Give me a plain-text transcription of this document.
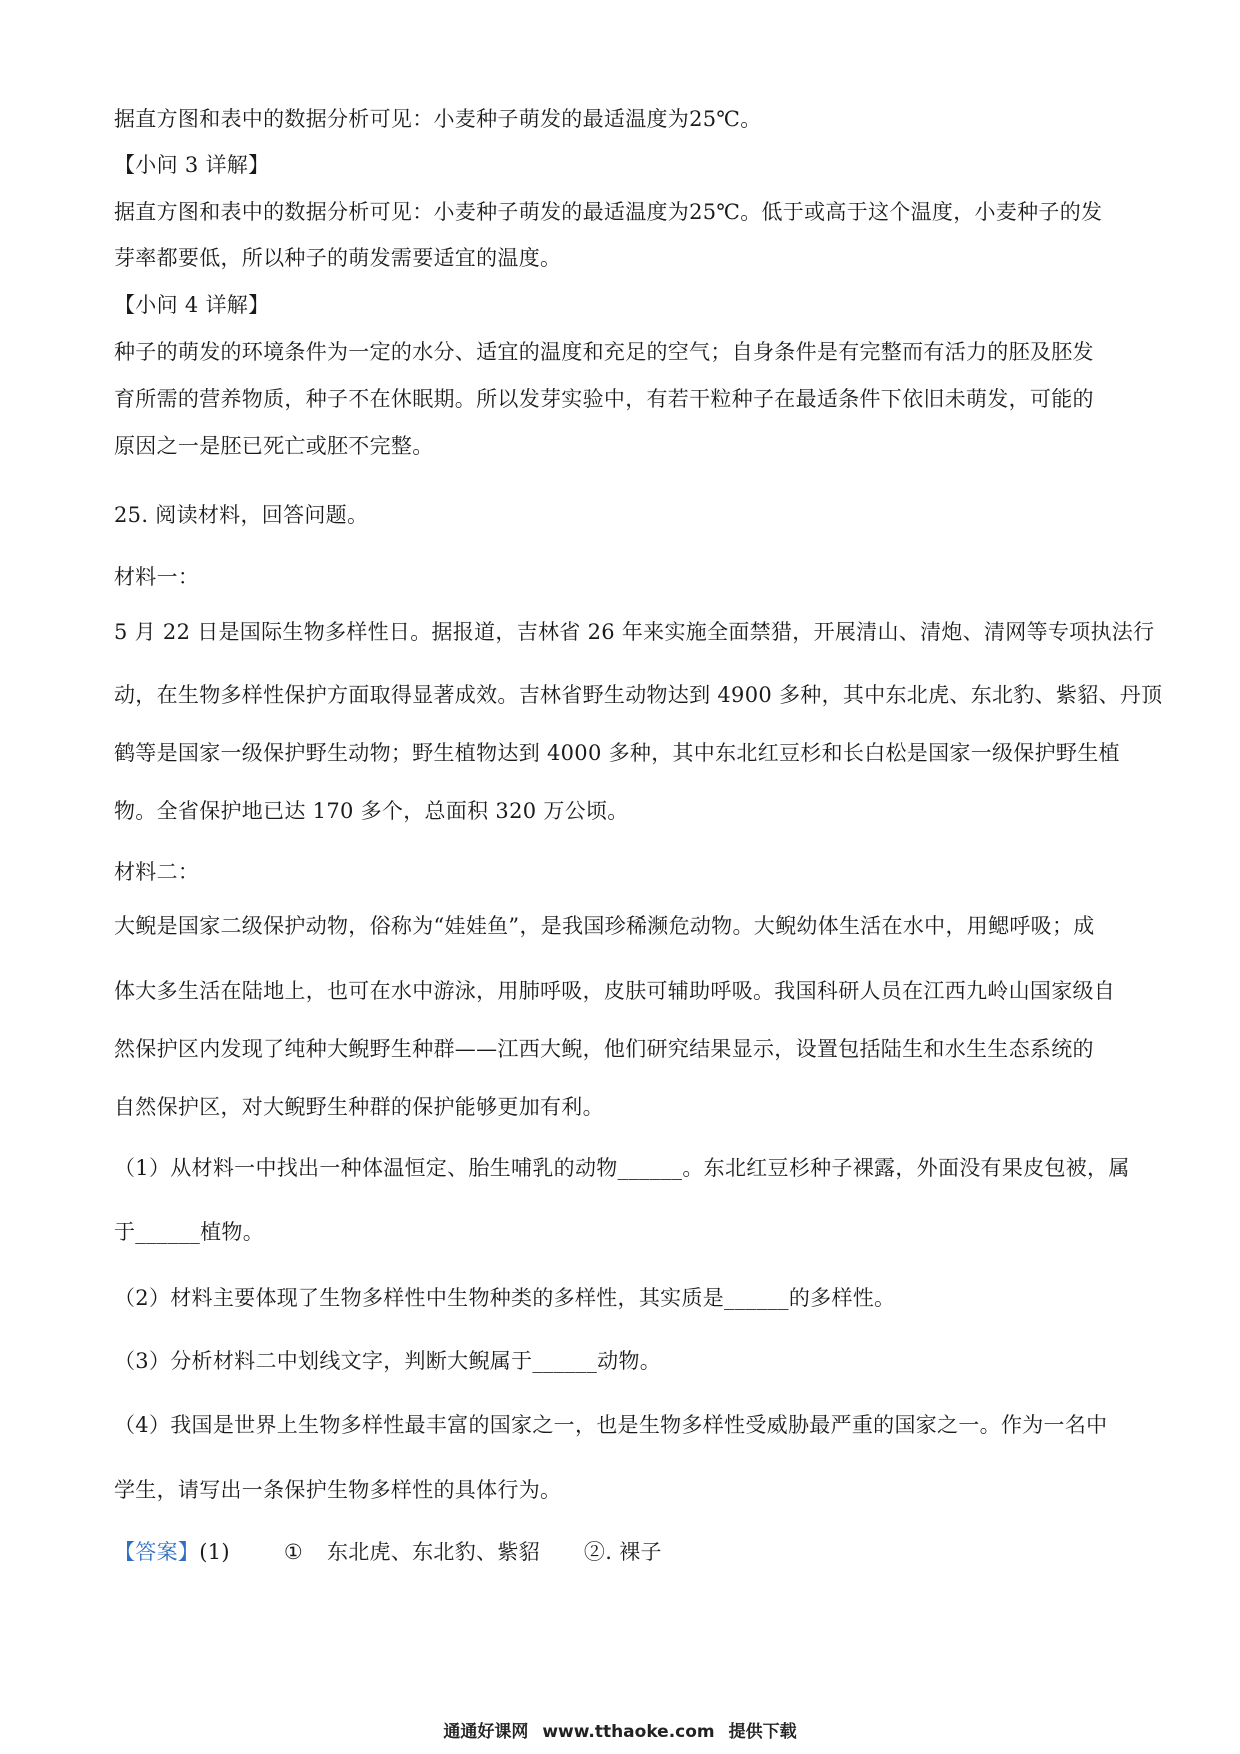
据直方图和表中的数据分析可见：小麦种子萌发的最适温度为25℃。
【小问 3 详解】
据直方图和表中的数据分析可见：小麦种子萌发的最适温度为25℃。低于或高于这个温度，小麦种子的发
芽率都要低，所以种子的萌发需要适宜的温度。
【小问 4 详解】
种子的萌发的环境条件为一定的水分、适宜的温度和充足的空气；自身条件是有完整而有活力的胚及胚发
育所需的营养物质，种子不在休眠期。所以发芽实验中，有若干粒种子在最适条件下依旧未萌发，可能的
原因之一是胚已死亡或胚不完整。
25. 阅读材料，回答问题。
材料一：
5 月 22 日是国际生物多样性日。据报道，吉林省 26 年来实施全面禁猎，开展清山、清炮、清网等专项执法行
动，在生物多样性保护方面取得显著成效。吉林省野生动物达到 4900 多种，其中东北虎、东北豹、紫貂、丹顶
鹤等是国家一级保护野生动物；野生植物达到 4000 多种，其中东北红豆杉和长白松是国家一级保护野生植
物。全省保护地已达 170 多个，总面积 320 万公顷。
材料二：
大鲵是国家二级保护动物，俗称为“娃娃鱼”，是我国珍稀濒危动物。大鲵幼体生活在水中，用鳃呼吸；成
体大多生活在陆地上，也可在水中游泳，用肺呼吸，皮肤可辅助呼吸。我国科研人员在江西九岭山国家级自
然保护区内发现了纯种大鲵野生种群——江西大鲵，他们研究结果显示，设置包括陆生和水生生态系统的
自然保护区，对大鲵野生种群的保护能够更加有利。
（1）从材料一中找出一种体温恒定、胎生哺乳的动物______。东北红豆杉种子裸露，外面没有果皮包被，属
于______植物。
（2）材料主要体现了生物多样性中生物种类的多样性，其实质是______的多样性。
（3）分析材料二中划线文字，判断大鲵属于______动物。
（4）我国是世界上生物多样性最丰富的国家之一，也是生物多样性受威胁最严重的国家之一。作为一名中
学生，请写出一条保护生物多样性的具体行为。
【答案】(1)	① 东北虎、东北豹、紫貂 ②. 裸子
通通好课网 www.tthaoke.com 提供下载
